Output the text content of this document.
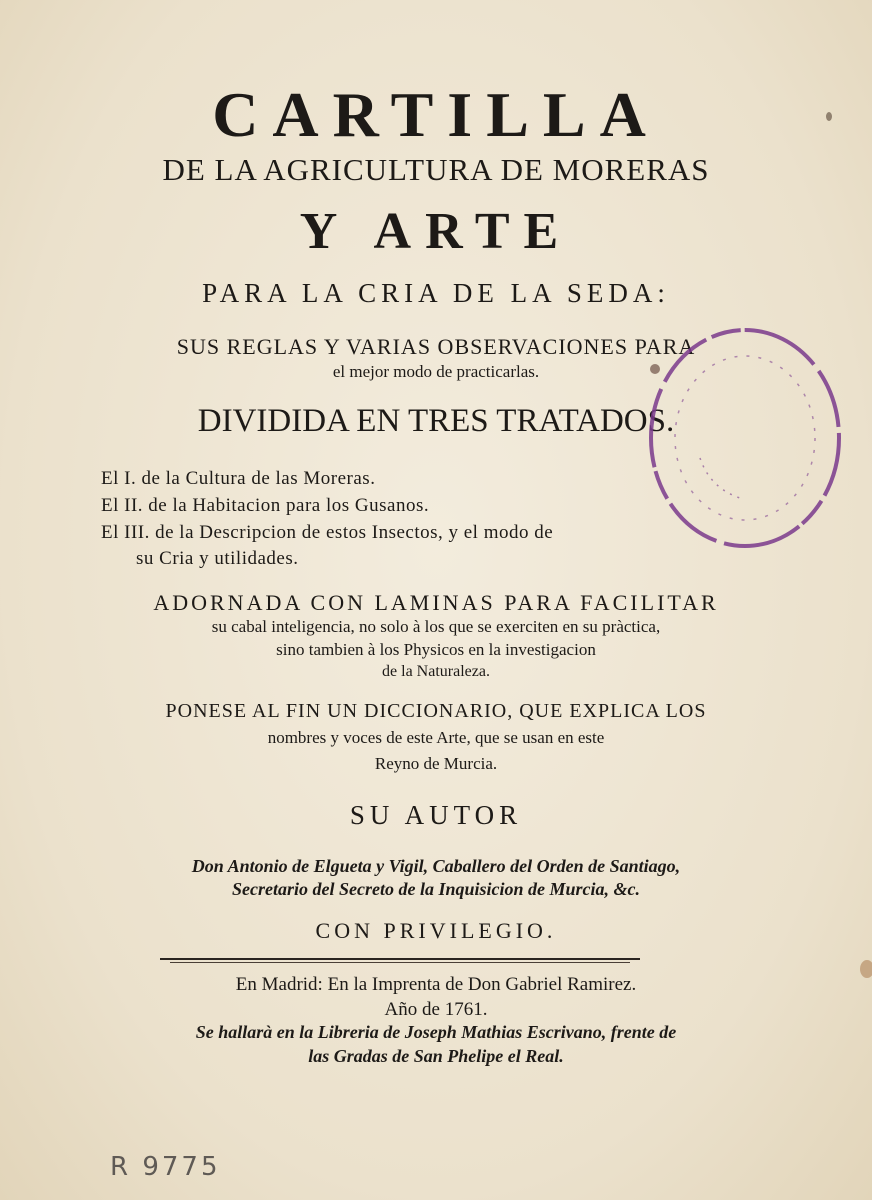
CARTILLA
DE LA AGRICULTURA DE MORERAS
Y ARTE
PARA LA CRIA DE LA SEDA:
SUS REGLAS Y VARIAS OBSERVACIONES PARA
el mejor modo de practicarlas.
DIVIDIDA EN TRES TRATADOS.
El I. de la Cultura de las Moreras.
El II. de la Habitacion para los Gusanos.
El III. de la Descripcion de estos Insectos, y el modo de
su Cria y utilidades.
ADORNADA CON LAMINAS PARA FACILITAR
su cabal inteligencia, no solo à los que se exerciten en su pràctica,
sino tambien à los Physicos en la investigacion
de la Naturaleza.
PONESE AL FIN UN DICCIONARIO, QUE EXPLICA LOS
nombres y voces de este Arte, que se usan en este
Reyno de Murcia.
SU AUTOR
Don Antonio de Elgueta y Vigil, Caballero del Orden de Santiago,
Secretario del Secreto de la Inquisicion de Murcia, &c.
CON PRIVILEGIO.
En Madrid: En la Imprenta de Don Gabriel Ramirez.
Año de 1761.
Se hallarà en la Libreria de Joseph Mathias Escrivano, frente de
las Gradas de San Phelipe el Real.
R 9775
